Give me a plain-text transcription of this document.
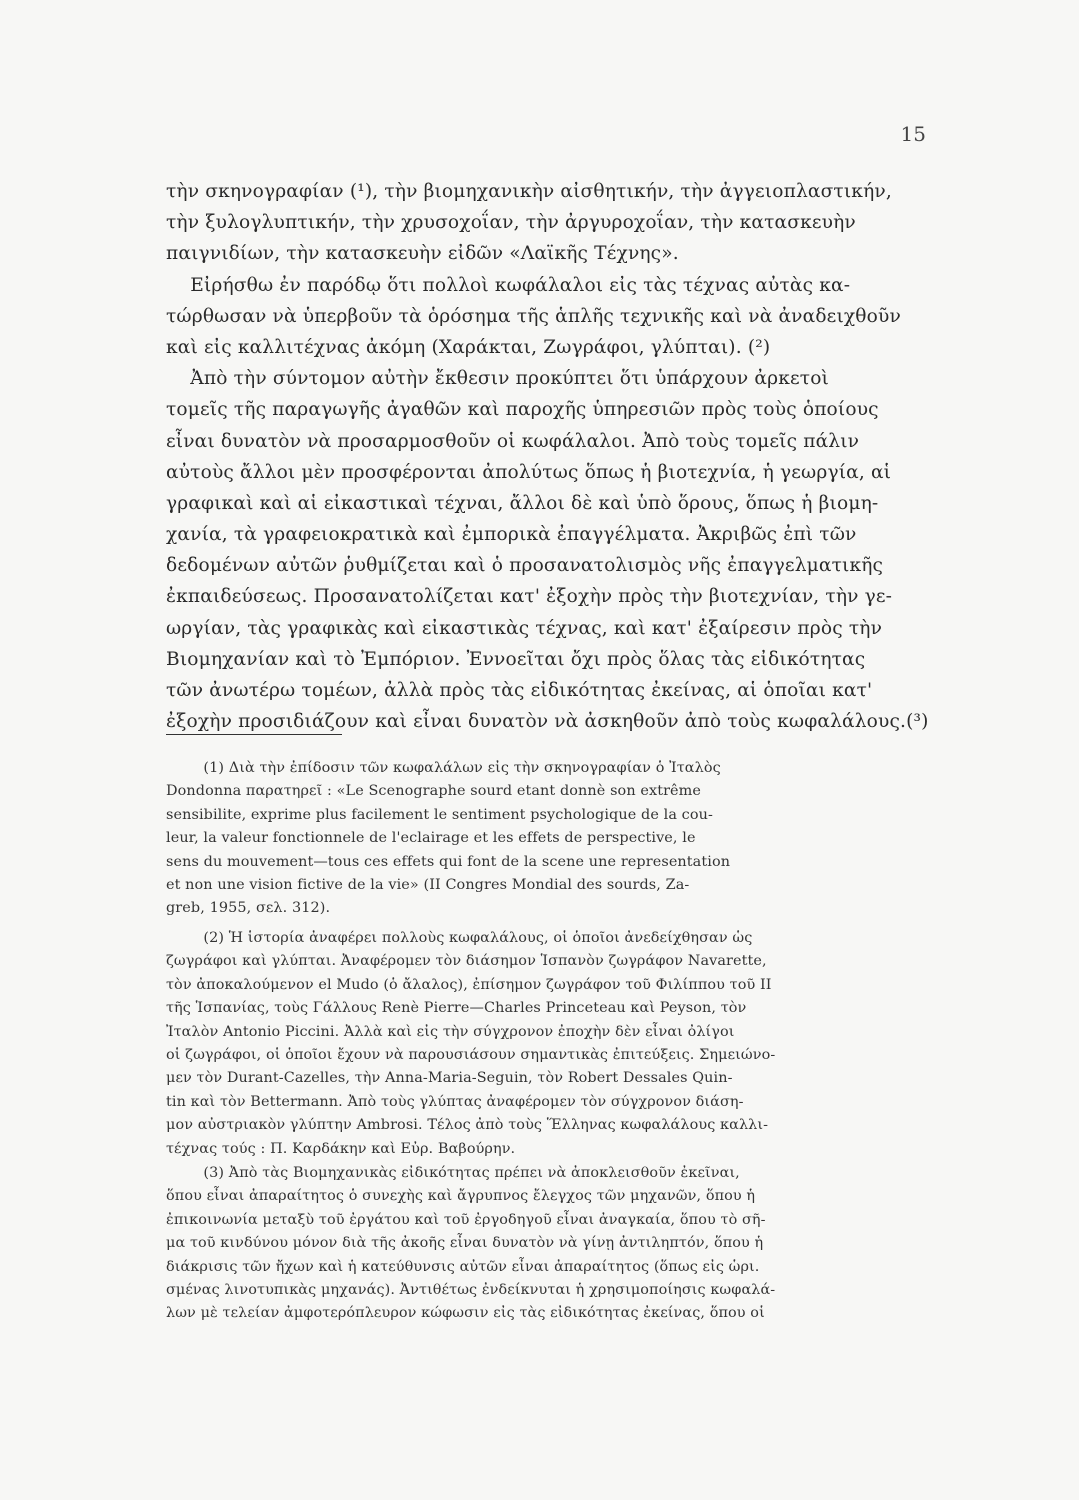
15
τὴν σκηνογραφίαν (¹), τὴν βιομηχανικὴν αἰσθητικήν, τὴν ἀγγειοπλαστικήν,
τὴν ξυλογλυπτικήν, τὴν χρυσοχοΐαν, τὴν ἀργυροχοΐαν, τὴν κατασκευὴν
παιγνιδίων, τὴν κατασκευὴν εἰδῶν «Λαϊκῆς Τέχνης».
Εἰρήσθω ἐν παρόδῳ ὅτι πολλοὶ κωφάλαλοι εἰς τὰς τέχνας αὐτὰς κα-
τώρθωσαν νὰ ὑπερβοῦν τὰ ὁρόσημα τῆς ἁπλῆς τεχνικῆς καὶ νὰ ἀναδειχθοῦν
καὶ εἰς καλλιτέχνας ἀκόμη (Χαράκται, Ζωγράφοι, γλύπται). (²)
Ἀπὸ τὴν σύντομον αὐτὴν ἔκθεσιν προκύπτει ὅτι ὑπάρχουν ἀρκετοὶ
τομεῖς τῆς παραγωγῆς ἀγαθῶν καὶ παροχῆς ὑπηρεσιῶν πρὸς τοὺς ὁποίους
εἶναι δυνατὸν νὰ προσαρμοσθοῦν οἱ κωφάλαλοι. Ἀπὸ τοὺς τομεῖς πάλιν
αὐτοὺς ἄλλοι μὲν προσφέρονται ἀπολύτως ὅπως ἡ βιοτεχνία, ἡ γεωργία, αἱ
γραφικαὶ καὶ αἱ εἰκαστικαὶ τέχναι, ἄλλοι δὲ καὶ ὑπὸ ὅρους, ὅπως ἡ βιομη-
χανία, τὰ γραφειοκρατικὰ καὶ ἐμπορικὰ ἐπαγγέλματα. Ἀκριβῶς ἐπὶ τῶν
δεδομένων αὐτῶν ῥυθμίζεται καὶ ὁ προσανατολισμὸς νῆς ἐπαγγελματικῆς
ἐκπαιδεύσεως. Προσανατολίζεται κατ' ἐξοχὴν πρὸς τὴν βιοτεχνίαν, τὴν γε-
ωργίαν, τὰς γραφικὰς καὶ εἰκαστικὰς τέχνας, καὶ κατ' ἐξαίρεσιν πρὸς τὴν
Βιομηχανίαν καὶ τὸ Ἐμπόριον. Ἐννοεῖται ὄχι πρὸς ὅλας τὰς εἰδικότητας
τῶν ἀνωτέρω τομέων, ἀλλὰ πρὸς τὰς εἰδικότητας ἐκείνας, αἱ ὁποῖαι κατ'
ἐξοχὴν προσιδιάζουν καὶ εἶναι δυνατὸν νὰ ἀσκηθοῦν ἀπὸ τοὺς κωφαλάλους.(³)
(1) Διὰ τὴν ἐπίδοσιν τῶν κωφαλάλων εἰς τὴν σκηνογραφίαν ὁ Ἰταλὸς
Dondonna παρατηρεῖ : «Le Scenographe sourd etant donnè son extrême
sensibilite, exprime plus facilement le sentiment psychologique de la cou-
leur, la valeur fonctionnele de l'eclairage et les effets de perspective, le
sens du mouvement—tous ces effets qui font de la scene une representation
et non une vision fictive de la vie» (II Congres Mondial des sourds, Za-
greb, 1955, σελ. 312).
(2) Ἡ ἱστορία ἀναφέρει πολλοὺς κωφαλάλους, οἱ ὁποῖοι ἀνεδείχθησαν ὡς
ζωγράφοι καὶ γλύπται. Ἀναφέρομεν τὸν διάσημον Ἱσπανὸν ζωγράφον Navarette,
τὸν ἀποκαλούμενον el Mudo (ὁ ἄλαλος), ἐπίσημον ζωγράφον τοῦ Φιλίππου τοῦ II
τῆς Ἱσπανίας, τοὺς Γάλλους Renè Pierre—Charles Princeteau καὶ Peyson, τὸν
Ἰταλὸν Antonio Piccini. Ἀλλὰ καὶ εἰς τὴν σύγχρονον ἐποχὴν δὲν εἶναι ὀλίγοι
οἱ ζωγράφοι, οἱ ὁποῖοι ἔχουν νὰ παρουσιάσουν σημαντικὰς ἐπιτεύξεις. Σημειώνο-
μεν τὸν Durant-Cazelles, τὴν Anna-Maria-Seguin, τὸν Robert Dessales Quin-
tin καὶ τὸν Bettermann. Ἀπὸ τοὺς γλύπτας ἀναφέρομεν τὸν σύγχρονον διάση-
μον αὐστριακὸν γλύπτην Ambrosi. Τέλος ἀπὸ τοὺς Ἕλληνας κωφαλάλους καλλι-
τέχνας τούς : Π. Καρδάκην καὶ Εὐρ. Βαβούρην.
(3) Ἀπὸ τὰς Βιομηχανικὰς εἰδικότητας πρέπει νὰ ἀποκλεισθοῦν ἐκεῖναι,
ὅπου εἶναι ἀπαραίτητος ὁ συνεχὴς καὶ ἄγρυπνος ἔλεγχος τῶν μηχανῶν, ὅπου ἡ
ἐπικοινωνία μεταξὺ τοῦ ἐργάτου καὶ τοῦ ἐργοδηγοῦ εἶναι ἀναγκαία, ὅπου τὸ σῆ-
μα τοῦ κινδύνου μόνον διὰ τῆς ἀκοῆς εἶναι δυνατὸν νὰ γίνῃ ἀντιληπτόν, ὅπου ἡ
διάκρισις τῶν ἤχων καὶ ἡ κατεύθυνσις αὐτῶν εἶναι ἀπαραίτητος (ὅπως εἰς ὡρι.
σμένας λινοτυπικὰς μηχανάς). Ἀντιθέτως ἐνδείκνυται ἡ χρησιμοποίησις κωφαλά-
λων μὲ τελείαν ἀμφοτερόπλευρον κώφωσιν εἰς τὰς εἰδικότητας ἐκείνας, ὅπου οἱ
